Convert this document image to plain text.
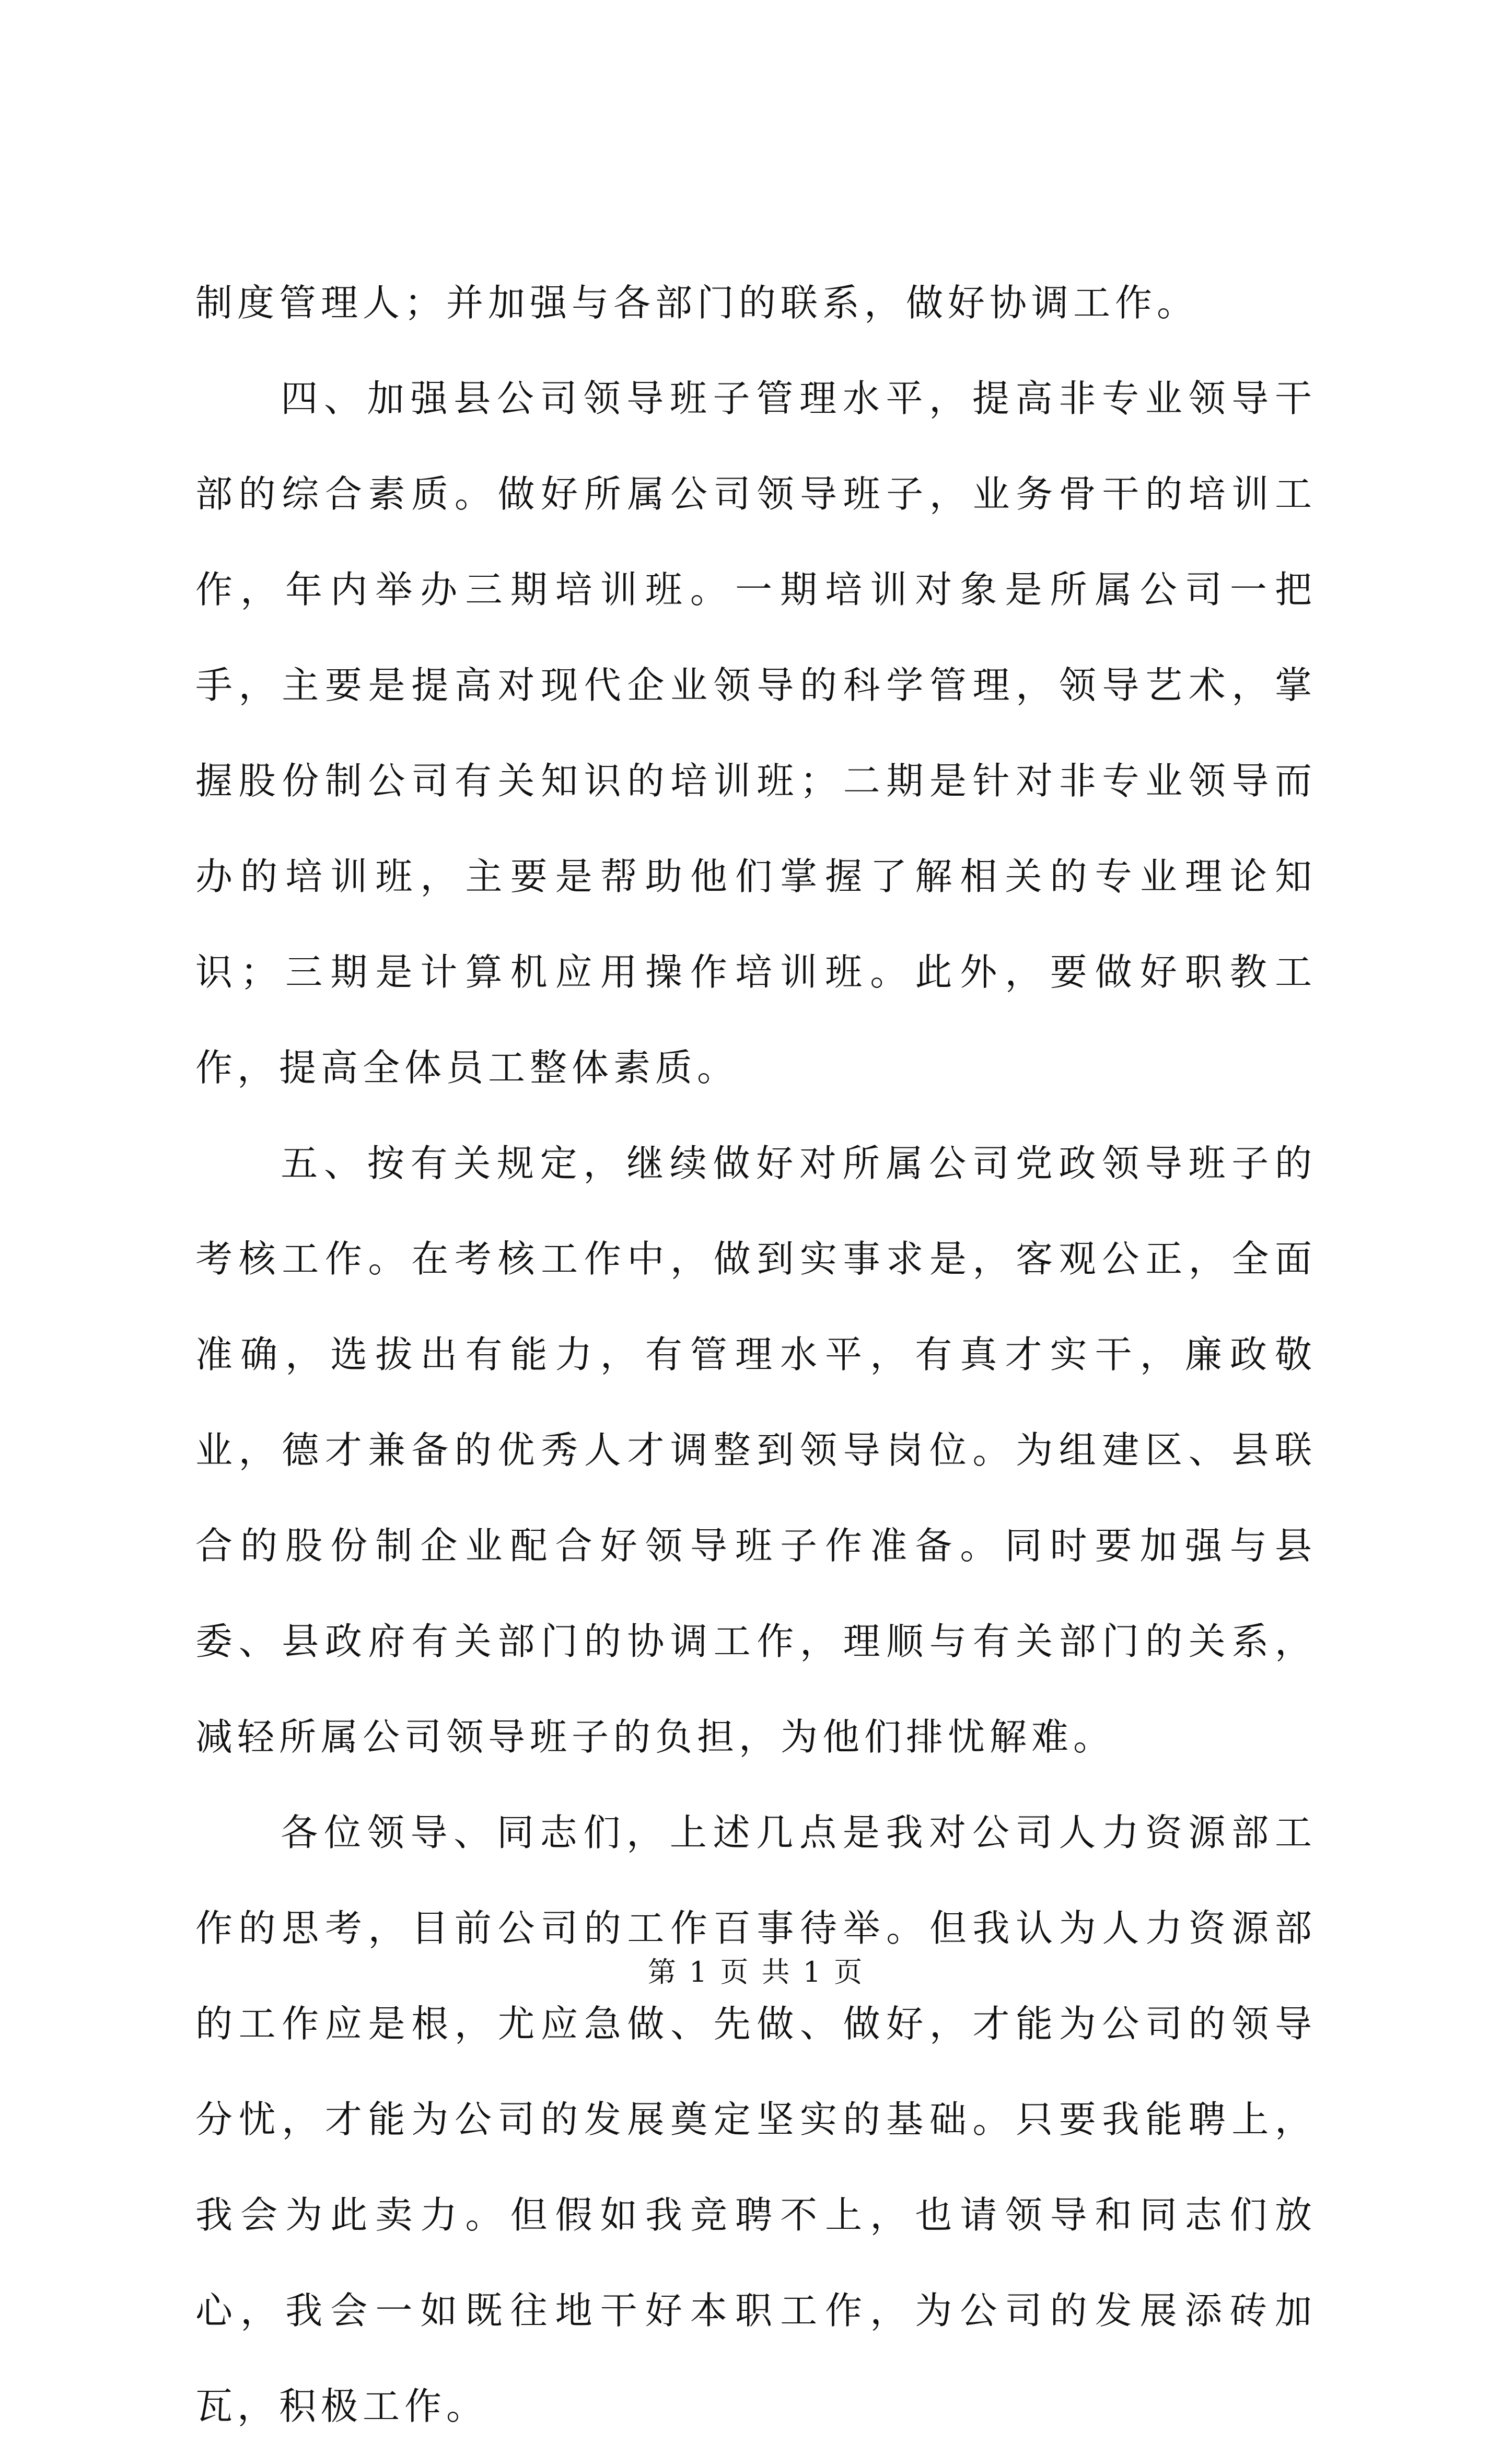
制度管理人；并加强与各部门的联系，做好协调工作。

四、加强县公司领导班子管理水平，提高非专业领导干部的综合素质。做好所属公司领导班子，业务骨干的培训工作，年内举办三期培训班。一期培训对象是所属公司一把手，主要是提高对现代企业领导的科学管理，领导艺术，掌握股份制公司有关知识的培训班；二期是针对非专业领导而办的培训班，主要是帮助他们掌握了解相关的专业理论知识；三期是计算机应用操作培训班。此外，要做好职教工作，提高全体员工整体素质。

五、按有关规定，继续做好对所属公司党政领导班子的考核工作。在考核工作中，做到实事求是，客观公正，全面准确，选拔出有能力，有管理水平，有真才实干，廉政敬业，德才兼备的优秀人才调整到领导岗位。为组建区、县联合的股份制企业配合好领导班子作准备。同时要加强与县委、县政府有关部门的协调工作，理顺与有关部门的关系，减轻所属公司领导班子的负担，为他们排忧解难。

各位领导、同志们，上述几点是我对公司人力资源部工作的思考，目前公司的工作百事待举。但我认为人力资源部的工作应是根，尤应急做、先做、做好，才能为公司的领导分忧，才能为公司的发展奠定坚实的基础。只要我能聘上，我会为此卖力。但假如我竞聘不上，也请领导和同志们放心，我会一如既往地干好本职工作，为公司的发展添砖加瓦，积极工作。

第 1 页 共 1 页
